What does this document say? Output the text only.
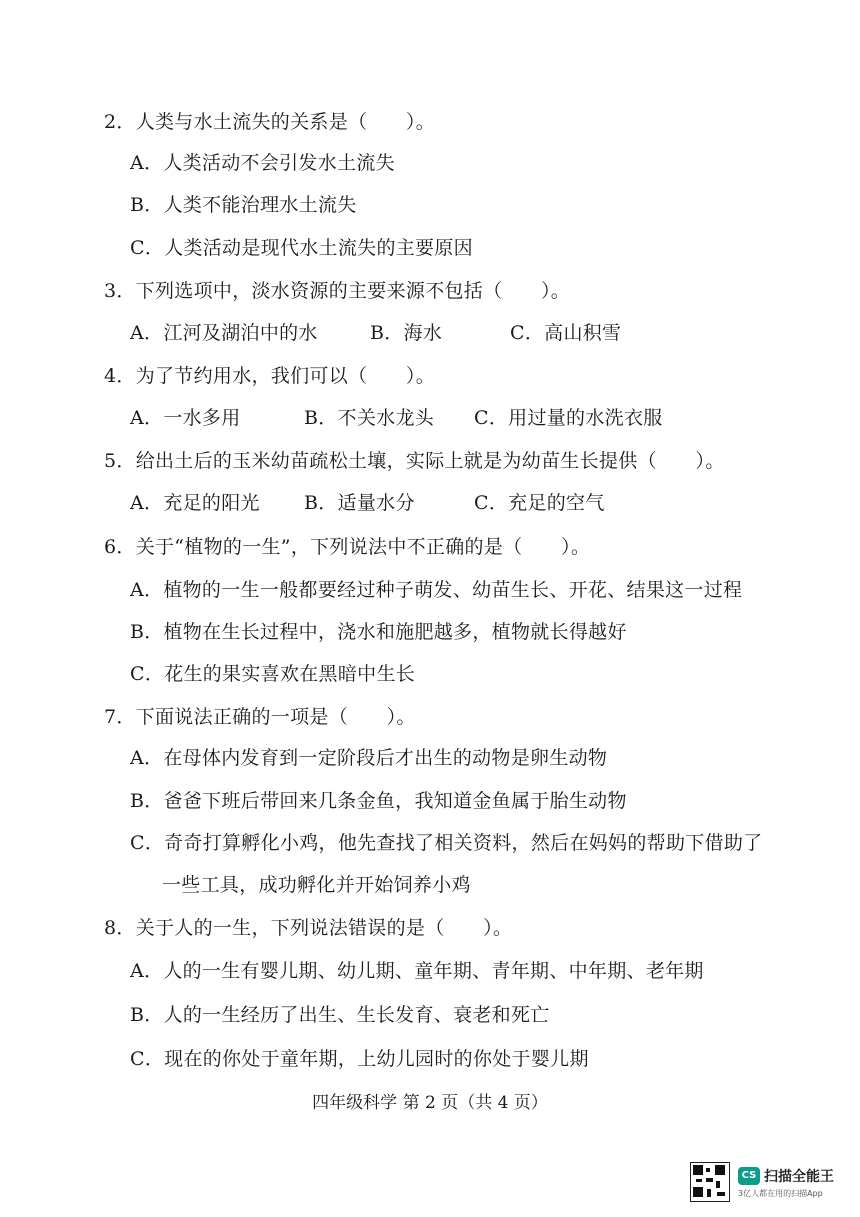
2．人类与水土流失的关系是（　　）。
A．人类活动不会引发水土流失
B．人类不能治理水土流失
C．人类活动是现代水土流失的主要原因
3．下列选项中，淡水资源的主要来源不包括（　　）。
A．江河及湖泊中的水	B．海水	C．高山积雪
4．为了节约用水，我们可以（　　）。
A．一水多用	B．不关水龙头	C．用过量的水洗衣服
5．给出土后的玉米幼苗疏松土壤，实际上就是为幼苗生长提供（　　）。
A．充足的阳光	B．适量水分	C．充足的空气
6．关于“植物的一生”，下列说法中不正确的是（　　）。
A．植物的一生一般都要经过种子萌发、幼苗生长、开花、结果这一过程
B．植物在生长过程中，浇水和施肥越多，植物就长得越好
C．花生的果实喜欢在黑暗中生长
7．下面说法正确的一项是（　　）。
A．在母体内发育到一定阶段后才出生的动物是卵生动物
B．爸爸下班后带回来几条金鱼，我知道金鱼属于胎生动物
C．奇奇打算孵化小鸡，他先查找了相关资料，然后在妈妈的帮助下借助了
一些工具，成功孵化并开始饲养小鸡
8．关于人的一生，下列说法错误的是（　　）。
A．人的一生有婴儿期、幼儿期、童年期、青年期、中年期、老年期
B．人的一生经历了出生、生长发育、衰老和死亡
C．现在的你处于童年期，上幼儿园时的你处于婴儿期
四年级科学 第 2 页（共 4 页）
CS 扫描全能王
3亿人都在用的扫描App
